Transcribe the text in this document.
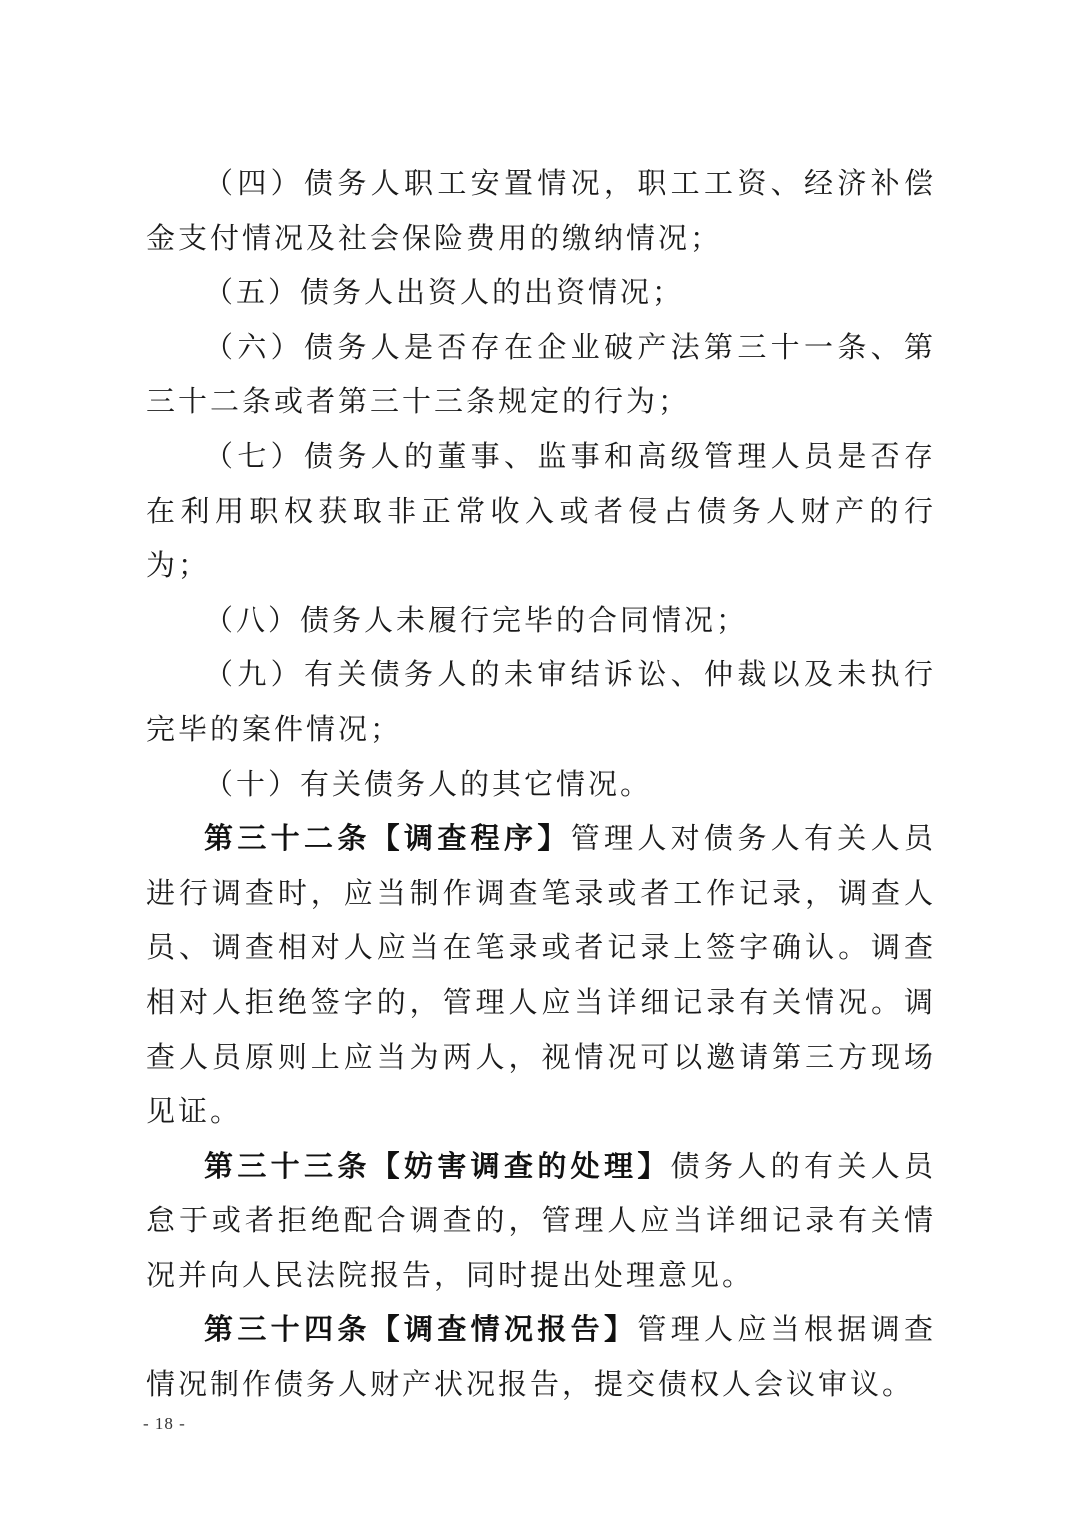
（四）债务人职工安置情况，职工工资、经济补偿金支付情况及社会保险费用的缴纳情况；

（五）债务人出资人的出资情况；

（六）债务人是否存在企业破产法第三十一条、第三十二条或者第三十三条规定的行为；

（七）债务人的董事、监事和高级管理人员是否存在利用职权获取非正常收入或者侵占债务人财产的行为；

（八）债务人未履行完毕的合同情况；

（九）有关债务人的未审结诉讼、仲裁以及未执行完毕的案件情况；

（十）有关债务人的其它情况。

第三十二条【调查程序】管理人对债务人有关人员进行调查时，应当制作调查笔录或者工作记录，调查人员、调查相对人应当在笔录或者记录上签字确认。调查相对人拒绝签字的，管理人应当详细记录有关情况。调查人员原则上应当为两人，视情况可以邀请第三方现场见证。

第三十三条【妨害调查的处理】债务人的有关人员怠于或者拒绝配合调查的，管理人应当详细记录有关情况并向人民法院报告，同时提出处理意见。

第三十四条【调查情况报告】管理人应当根据调查情况制作债务人财产状况报告，提交债权人会议审议。

- 18 -
